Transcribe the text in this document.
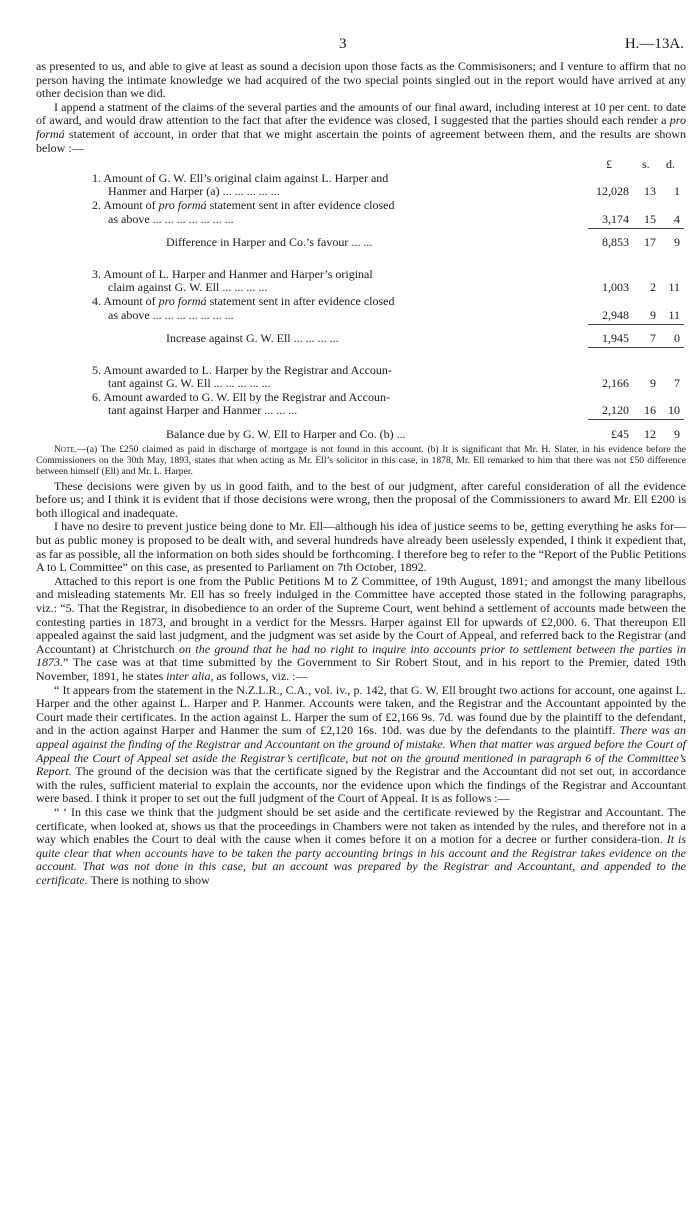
3	H.—13A.

as presented to us, and able to give at least as sound a decision upon those facts as the Commisisoners; and I venture to affirm that no person having the intimate knowledge we had acquired of the two special points singled out in the report would have arrived at any other decision than we did.

I append a statment of the claims of the several parties and the amounts of our final award, including interest at 10 per cent. to date of award, and would draw attention to the fact that after the evidence was closed, I suggested that the parties should each render a pro formá statement of account, in order that that we might ascertain the points of agreement between them, and the results are shown below :—

£	s. d.
1. Amount of G. W. Ell’s original claim against L. Harper and
Hanmer and Harper (a) ... ... ... ... ...	12,028	13	1
2. Amount of pro formá statement sent in after evidence closed
as above ... ... ... ... ... ... ...	3,174	15	4
Difference in Harper and Co.’s favour ... ...	8,853	17	9
3. Amount of L. Harper and Hanmer and Harper’s original
claim against G. W. Ell ... ... ... ...	1,003	2	11
4. Amount of pro formá statement sent in after evidence closed
as above ... ... ... ... ... ... ...	2,948	9	11
Increase against G. W. Ell ... ... ... ...	1,945	7	0
5. Amount awarded to L. Harper by the Registrar and Accoun-
tant against G. W. Ell ... ... ... ... ...	2,166	9	7
6. Amount awarded to G. W. Ell by the Registrar and Accoun-
tant against Harper and Hanmer ... ... ...	2,120	16	10
Balance due by G. W. Ell to Harper and Co. (b) ...	£45	12	9

Note.—(a) The £250 claimed as paid in discharge of mortgage is not found in this account. (b) It is significant that Mr. H. Slater, in his evidence before the Commissioners on the 30th May, 1893, states that when acting as Mr. Ell’s solicitor in this case, in 1878, Mr. Ell remarked to him that there was not £50 difference between himself (Ell) and Mr. L. Harper.

These decisions were given by us in good faith, and to the best of our judgment, after careful consideration of all the evidence before us; and I think it is evident that if those decisions were wrong, then the proposal of the Commissioners to award Mr. Ell £200 is both illogical and inadequate.

I have no desire to prevent justice being done to Mr. Ell—although his idea of justice seems to be, getting everything he asks for—but as public money is proposed to be dealt with, and several hundreds have already been uselessly expended, I think it expedient that, as far as possible, all the information on both sides should be forthcoming. I therefore beg to refer to the “Report of the Public Petitions A to L Committee” on this case, as presented to Parliament on 7th October, 1892.

Attached to this report is one from the Public Petitions M to Z Committee, of 19th August, 1891; and amongst the many libellous and misleading statements Mr. Ell has so freely indulged in the Committee have accepted those stated in the following paragraphs, viz.: “5. That the Registrar, in disobedience to an order of the Supreme Court, went behind a settlement of accounts made between the contesting parties in 1873, and brought in a verdict for the Messrs. Harper against Ell for upwards of £2,000. 6. That thereupon Ell appealed against the said last judgment, and the judgment was set aside by the Court of Appeal, and referred back to the Registrar (and Accountant) at Christchurch on the ground that he had no right to inquire into accounts prior to settlement between the parties in 1873.” The case was at that time submitted by the Government to Sir Robert Stout, and in his report to the Premier, dated 19th November, 1891, he states inter alia, as follows, viz. :—

“ It appears from the statement in the N.Z.L.R., C.A., vol. iv., p. 142, that G. W. Ell brought two actions for account, one against L. Harper and the other against L. Harper and P. Hanmer. Accounts were taken, and the Registrar and the Accountant appointed by the Court made their certificates. In the action against L. Harper the sum of £2,166 9s. 7d. was found due by the plaintiff to the defendant, and in the action against Harper and Hanmer the sum of £2,120 16s. 10d. was due by the defendants to the plaintiff. There was an appeal against the finding of the Registrar and Accountant on the ground of mistake. When that matter was argued before the Court of Appeal the Court of Appeal set aside the Registrar’s certificate, but not on the ground mentioned in paragraph 6 of the Committee’s Report. The ground of the decision was that the certificate signed by the Registrar and the Accountant did not set out, in accordance with the rules, sufficient material to explain the accounts, nor the evidence upon which the findings of the Registrar and Accountant were based. I think it proper to set out the full judgment of the Court of Appeal. It is as follows :—

“ ‘ In this case we think that the judgment should be set aside and the certificate reviewed by the Registrar and Accountant. The certificate, when looked at, shows us that the proceedings in Chambers were not taken as intended by the rules, and therefore not in a way which enables the Court to deal with the cause when it comes before it on a motion for a decree or further considera-tion. It is quite clear that when accounts have to be taken the party accounting brings in his account and the Registrar takes evidence on the account. That was not done in this case, but an account was prepared by the Registrar and Accountant, and appended to the certificate. There is nothing to show
